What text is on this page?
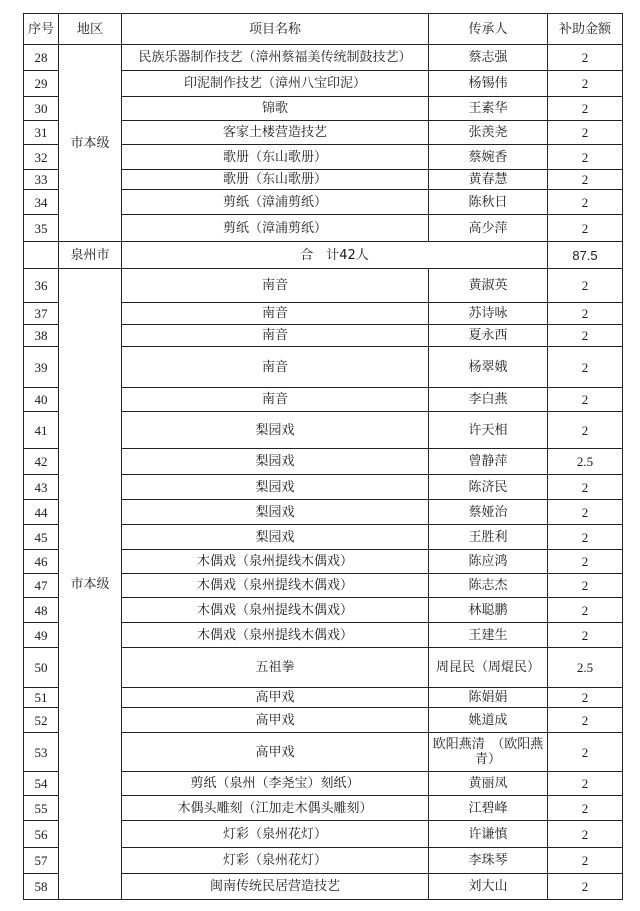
序号	地区	项目名称	传承人	补助金额
28	市本级	民族乐器制作技艺（漳州蔡福美传统制鼓技艺）	蔡志强	2
29		印泥制作技艺（漳州八宝印泥）	杨锡伟	2
30		锦歌	王素华	2
31		客家土楼营造技艺	张羡尧	2
32		歌册（东山歌册）	蔡婉香	2
33		歌册（东山歌册）	黄春慧	2
34		剪纸（漳浦剪纸）	陈秋日	2
35		剪纸（漳浦剪纸）	高少萍	2
	泉州市	合　计42人		87.5
36	市本级	南音	黄淑英	2
37		南音	苏诗咏	2
38		南音	夏永西	2
39		南音	杨翠娥	2
40		南音	李白燕	2
41		梨园戏	许天相	2
42		梨园戏	曾静萍	2.5
43		梨园戏	陈济民	2
44		梨园戏	蔡娅治	2
45		梨园戏	王胜利	2
46		木偶戏（泉州提线木偶戏）	陈应鸿	2
47		木偶戏（泉州提线木偶戏）	陈志杰	2
48		木偶戏（泉州提线木偶戏）	林聪鹏	2
49		木偶戏（泉州提线木偶戏）	王建生	2
50		五祖拳	周昆民（周焜民）	2.5
51		高甲戏	陈娟娟	2
52		高甲戏	姚道成	2
53		高甲戏	欧阳燕清　（欧阳燕青）	2
54		剪纸（泉州（李尧宝）刻纸）	黄丽凤	2
55		木偶头雕刻（江加走木偶头雕刻）	江碧峰	2
56		灯彩（泉州花灯）	许谦慎	2
57		灯彩（泉州花灯）	李珠琴	2
58		闽南传统民居营造技艺	刘大山	2
